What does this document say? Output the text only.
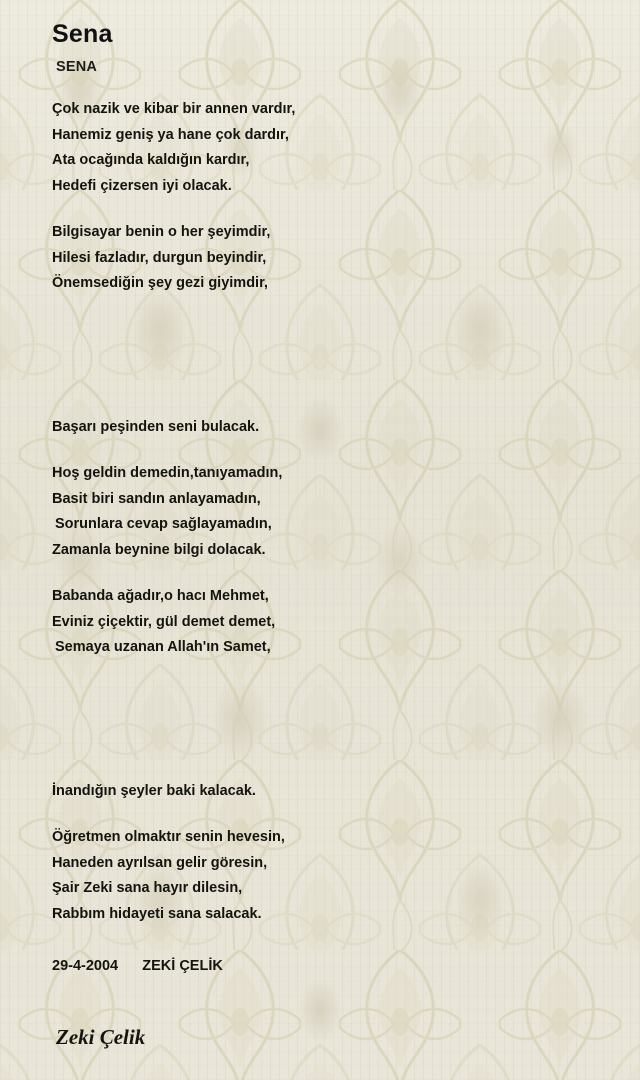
Sena
SENA
Çok nazik ve kibar bir annen vardır,
Hanemiz geniş ya hane çok dardır,
Ata ocağında kaldığın kardır,
Hedefi çizersen iyi olacak.
Bilgisayar benin o her şeyimdir,
Hilesi fazladır, durgun beyindir,
Önemsediğin şey gezi giyimdir,
Başarı peşinden seni bulacak.
Hoş geldin demedin,tanıyamadın,
Basit biri sandın anlayamadın,
Sorunlara cevap sağlayamadın,
Zamanla beynine bilgi dolacak.
Babanda ağadır,o hacı Mehmet,
Eviniz çiçektir, gül demet demet,
Semaya uzanan Allah'ın Samet,
İnandığın şeyler baki kalacak.
Öğretmen olmaktır senin hevesin,
Haneden ayrılsan gelir göresin,
Şair Zeki sana hayır dilesin,
Rabbım hidayeti sana salacak.
29-4-2004 ZEKİ ÇELİK
Zeki Çelik
